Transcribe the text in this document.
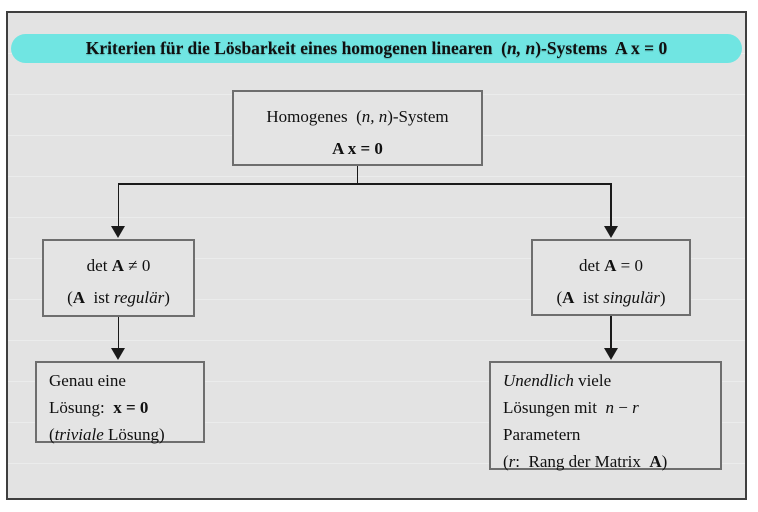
Kriterien für die Lösbarkeit eines homogenen linearen  ( n, n )-Systems  A x = 0
Homogenes  (n, n)-System
A x = 0
det A ≠ 0
(A  ist regulär)
det A = 0
(A  ist singulär)
Genau eine
Lösung:  x = 0
(triviale Lösung)
Unendlich viele
Lösungen mit  n − r
Parametern
(r:  Rang der Matrix  A)
